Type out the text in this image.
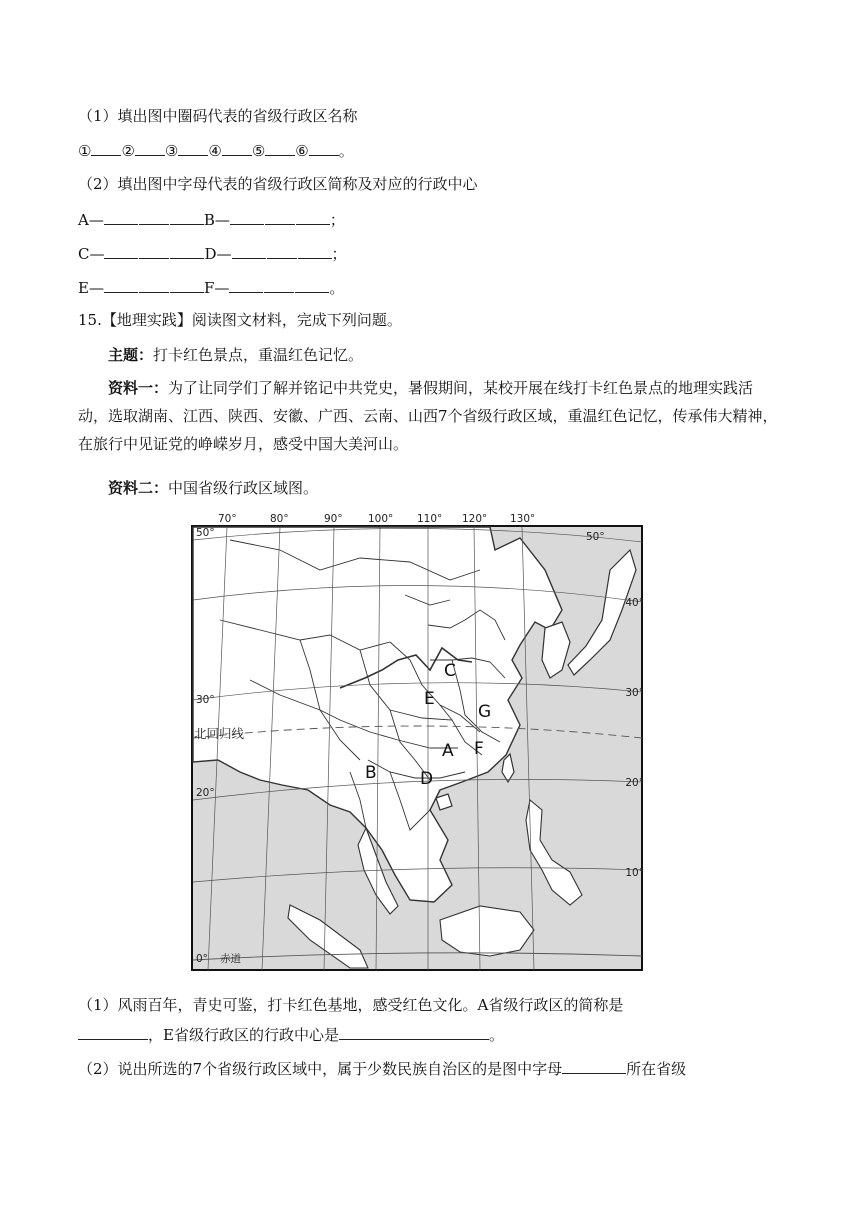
（1）填出图中圈码代表的省级行政区名称
① ② ③ ④ ⑤ ⑥ 。
（2）填出图中字母代表的省级行政区简称及对应的行政中心
A—	B—	；
C—	D—	；
E—	F—	。
15.【地理实践】阅读图文材料，完成下列问题。
主题：打卡红色景点，重温红色记忆。
资料一：为了让同学们了解并铭记中共党史，暑假期间，某校开展在线打卡红色景点的地理实践活动，选取湖南、江西、陕西、安徽、广西、云南、山西7个省级行政区域，重温红色记忆，传承伟大精神，在旅行中见证党的峥嵘岁月，感受中国大美河山。
资料二：中国省级行政区域图。
70°	80°	90° 100° 110° 120° 130°
50°	50°
40°
30°
30°
20°
20°
10°
0°
北回归线
赤道
C
E
G
A F
B	D
（1）风雨百年，青史可鉴，打卡红色基地，感受红色文化。A省级行政区的简称是
，E省级行政区的行政中心是	。
（2）说出所选的7个省级行政区域中，属于少数民族自治区的是图中字母	所在省级
